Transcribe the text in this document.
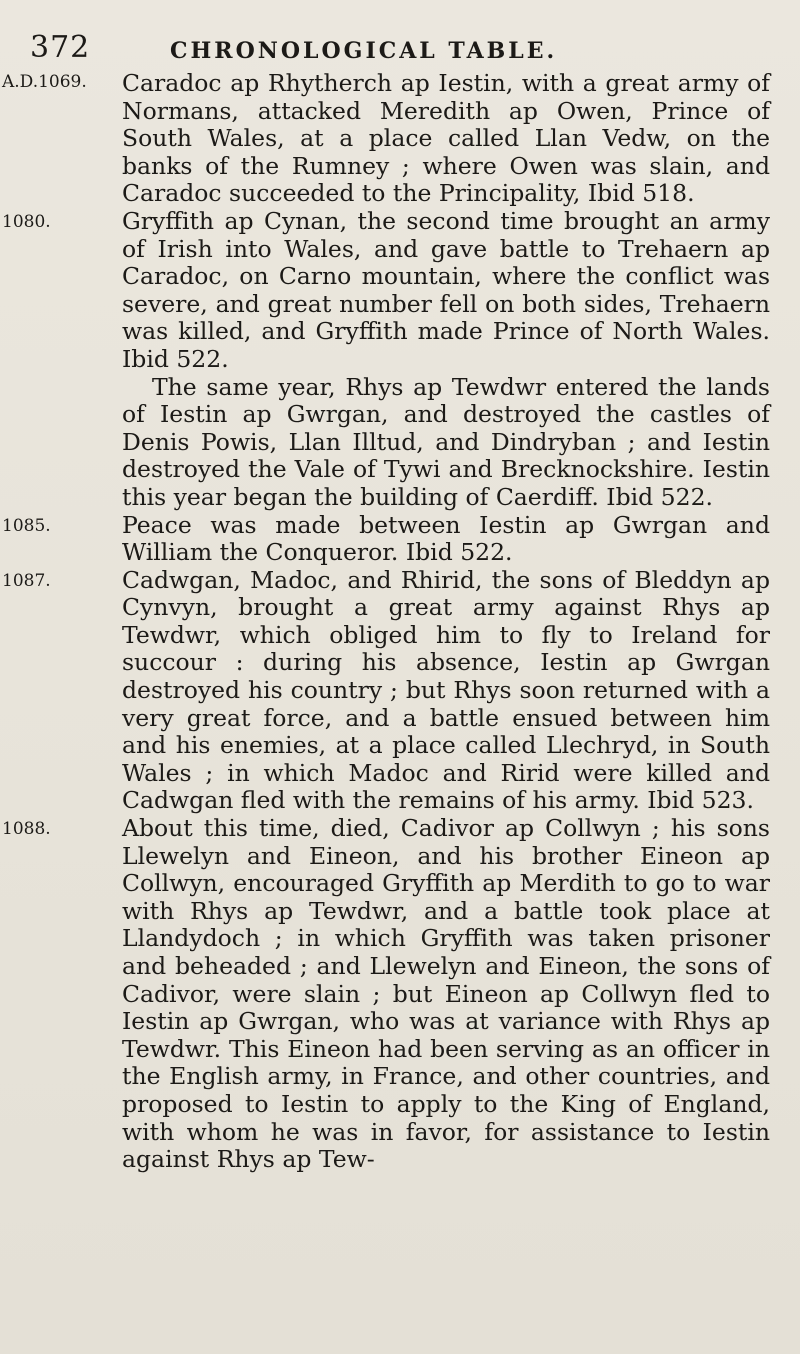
372	CHRONOLOGICAL TABLE.
A.D.1069. Caradoc ap Rhytherch ap Iestin, with a great army of Normans, attacked Meredith ap Owen, Prince of South Wales, at a place called Llan Vedw, on the banks of the Rumney ; where Owen was slain, and Caradoc succeeded to the Principality, Ibid 518.

1080.	Gryffith ap Cynan, the second time brought an army of Irish into Wales, and gave battle to Trehaern ap Caradoc, on Carno mountain, where the conflict was severe, and great number fell on both sides, Trehaern was killed, and Gryffith made Prince of North Wales. Ibid 522.

The same year, Rhys ap Tewdwr entered the lands of Iestin ap Gwrgan, and destroyed the castles of Denis Powis, Llan Illtud, and Dindryban ; and Iestin destroyed the Vale of Tywi and Brecknockshire. Iestin this year began the building of Caerdiff. Ibid 522.

1085.	Peace was made between Iestin ap Gwrgan and William the Conqueror. Ibid 522.

1087.	Cadwgan, Madoc, and Rhirid, the sons of Bleddyn ap Cynvyn, brought a great army against Rhys ap Tewdwr, which obliged him to fly to Ireland for succour : during his absence, Iestin ap Gwrgan destroyed his country ; but Rhys soon returned with a very great force, and a battle ensued between him and his enemies, at a place called Llechryd, in South Wales ; in which Madoc and Ririd were killed and Cadwgan fled with the remains of his army. Ibid 523.

1088.	About this time, died, Cadivor ap Collwyn ; his sons Llewelyn and Eineon, and his brother Eineon ap Collwyn, encouraged Gryffith ap Merdith to go to war with Rhys ap Tewdwr, and a battle took place at Llandydoch ; in which Gryffith was taken prisoner and beheaded ; and Llewelyn and Eineon, the sons of Cadivor, were slain ; but Eineon ap Collwyn fled to Iestin ap Gwrgan, who was at variance with Rhys ap Tewdwr. This Eineon had been serving as an officer in the English army, in France, and other countries, and proposed to Iestin to apply to the King of England, with whom he was in favor, for assistance to Iestin against Rhys ap Tew-
